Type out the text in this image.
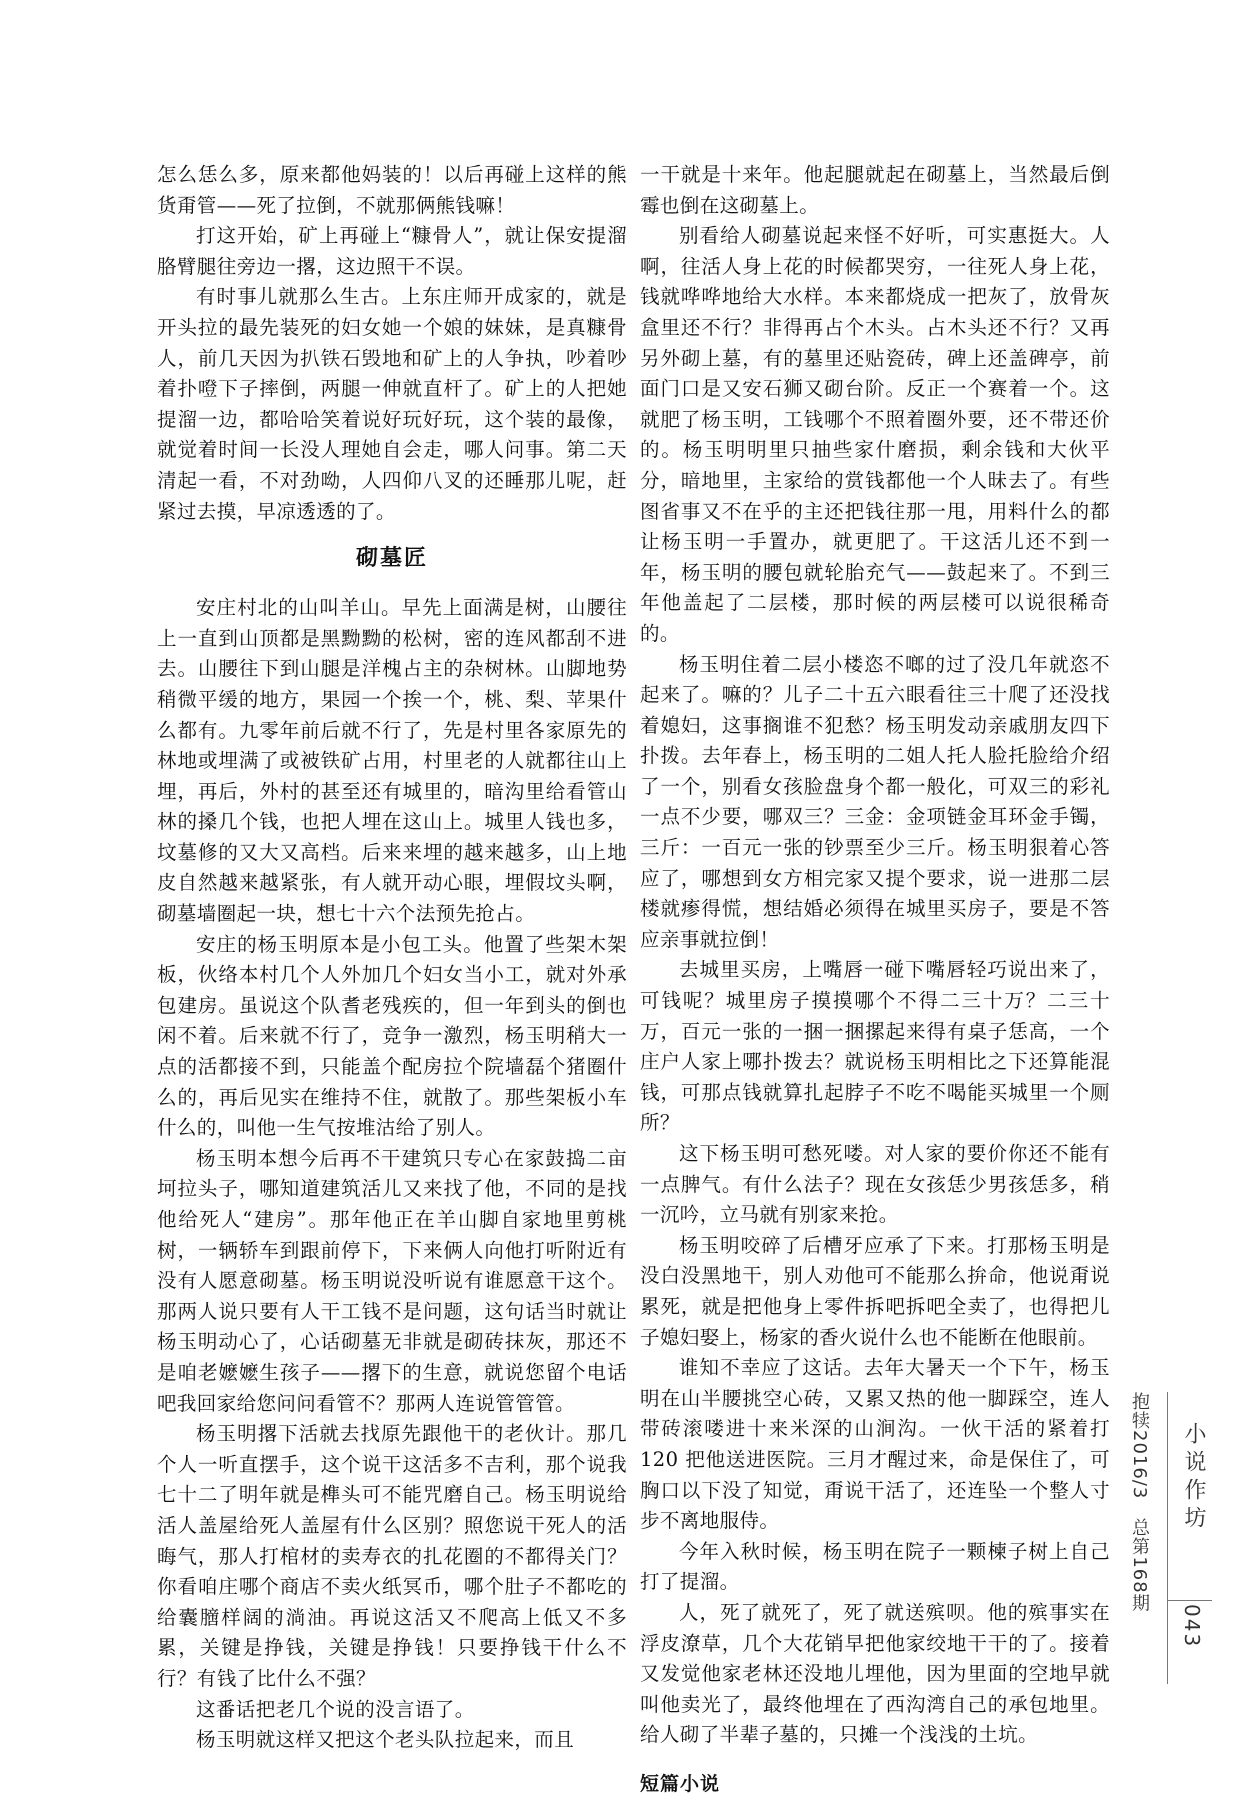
怎么恁么多，原来都他妈装的！以后再碰上这样的熊货甭管——死了拉倒，不就那俩熊钱嘛！

打这开始，矿上再碰上“糠骨人”，就让保安提溜胳臂腿往旁边一撂，这边照干不误。

有时事儿就那么生古。上东庄师开成家的，就是开头拉的最先装死的妇女她一个娘的妹妹，是真糠骨人，前几天因为扒铁石毁地和矿上的人争执，吵着吵着扑噔下子摔倒，两腿一伸就直杆了。矿上的人把她提溜一边，都哈哈笑着说好玩好玩，这个装的最像，就觉着时间一长没人理她自会走，哪人问事。第二天清起一看，不对劲呦，人四仰八叉的还睡那儿呢，赶紧过去摸，早凉透透的了。

砌墓匠

安庄村北的山叫羊山。早先上面满是树，山腰往上一直到山顶都是黑黝黝的松树，密的连风都刮不进去。山腰往下到山腿是洋槐占主的杂树林。山脚地势稍微平缓的地方，果园一个挨一个，桃、梨、苹果什么都有。九零年前后就不行了，先是村里各家原先的林地或埋满了或被铁矿占用，村里老的人就都往山上埋，再后，外村的甚至还有城里的，暗沟里给看管山林的搡几个钱，也把人埋在这山上。城里人钱也多，坟墓修的又大又高档。后来来埋的越来越多，山上地皮自然越来越紧张，有人就开动心眼，埋假坟头啊，砌墓墙圈起一块，想七十六个法预先抢占。

安庄的杨玉明原本是小包工头。他置了些架木架板，伙络本村几个人外加几个妇女当小工，就对外承包建房。虽说这个队耆老残疾的，但一年到头的倒也闲不着。后来就不行了，竞争一激烈，杨玉明稍大一点的活都接不到，只能盖个配房拉个院墙磊个猪圈什么的，再后见实在维持不住，就散了。那些架板小车什么的，叫他一生气按堆沽给了别人。

杨玉明本想今后再不干建筑只专心在家鼓捣二亩坷拉头子，哪知道建筑活儿又来找了他，不同的是找他给死人“建房”。那年他正在羊山脚自家地里剪桃树，一辆轿车到跟前停下，下来俩人向他打听附近有没有人愿意砌墓。杨玉明说没听说有谁愿意干这个。那两人说只要有人干工钱不是问题，这句话当时就让杨玉明动心了，心话砌墓无非就是砌砖抹灰，那还不是咱老嬷嬷生孩子——撂下的生意，就说您留个电话吧我回家给您问问看管不？那两人连说管管管。

杨玉明撂下活就去找原先跟他干的老伙计。那几个人一听直摆手，这个说干这活多不吉利，那个说我七十二了明年就是榫头可不能咒磨自己。杨玉明说给活人盖屋给死人盖屋有什么区别？照您说干死人的活晦气，那人打棺材的卖寿衣的扎花圈的不都得关门？你看咱庄哪个商店不卖火纸冥币，哪个肚子不都吃的给囊膪样阔的淌油。再说这活又不爬高上低又不多累，关键是挣钱，关键是挣钱！只要挣钱干什么不行？有钱了比什么不强？

这番话把老几个说的没言语了。

杨玉明就这样又把这个老头队拉起来，而且

一干就是十来年。他起腿就起在砌墓上，当然最后倒霉也倒在这砌墓上。

别看给人砌墓说起来怪不好听，可实惠挺大。人啊，往活人身上花的时候都哭穷，一往死人身上花，钱就哗哗地给大水样。本来都烧成一把灰了，放骨灰盒里还不行？非得再占个木头。占木头还不行？又再另外砌上墓，有的墓里还贴瓷砖，碑上还盖碑亭，前面门口是又安石狮又砌台阶。反正一个赛着一个。这就肥了杨玉明，工钱哪个不照着圈外要，还不带还价的。杨玉明明里只抽些家什磨损，剩余钱和大伙平分，暗地里，主家给的赏钱都他一个人昧去了。有些图省事又不在乎的主还把钱往那一甩，用料什么的都让杨玉明一手置办，就更肥了。干这活儿还不到一年，杨玉明的腰包就轮胎充气——鼓起来了。不到三年他盖起了二层楼，那时候的两层楼可以说很稀奇的。

杨玉明住着二层小楼恣不啷的过了没几年就恣不起来了。嘛的？儿子二十五六眼看往三十爬了还没找着媳妇，这事搁谁不犯愁？杨玉明发动亲戚朋友四下扑拨。去年春上，杨玉明的二姐人托人脸托脸给介绍了一个，别看女孩脸盘身个都一般化，可双三的彩礼一点不少要，哪双三？三金：金项链金耳环金手镯，三斤：一百元一张的钞票至少三斤。杨玉明狠着心答应了，哪想到女方相完家又提个要求，说一进那二层楼就瘆得慌，想结婚必须得在城里买房子，要是不答应亲事就拉倒！

去城里买房，上嘴唇一碰下嘴唇轻巧说出来了，可钱呢？城里房子摸摸哪个不得二三十万？二三十万，百元一张的一捆一捆摞起来得有桌子恁高，一个庄户人家上哪扑拨去？就说杨玉明相比之下还算能混钱，可那点钱就算扎起脖子不吃不喝能买城里一个厕所？

这下杨玉明可愁死喽。对人家的要价你还不能有一点脾气。有什么法子？现在女孩恁少男孩恁多，稍一沉吟，立马就有别家来抢。

杨玉明咬碎了后槽牙应承了下来。打那杨玉明是没白没黑地干，别人劝他可不能那么拚命，他说甭说累死，就是把他身上零件拆吧拆吧全卖了，也得把儿子媳妇娶上，杨家的香火说什么也不能断在他眼前。

谁知不幸应了这话。去年大暑天一个下午，杨玉明在山半腰挑空心砖，又累又热的他一脚踩空，连人带砖滚喽进十来米深的山涧沟。一伙干活的紧着打 120 把他送进医院。三月才醒过来，命是保住了，可胸口以下没了知觉，甭说干活了，还连坠一个整人寸步不离地服侍。

今年入秋时候，杨玉明在院子一颗楝子树上自己打了提溜。

人，死了就死了，死了就送殡呗。他的殡事实在浮皮潦草，几个大花销早把他家绞地干干的了。接着又发觉他家老林还没地儿埋他，因为里面的空地早就叫他卖光了，最终他埋在了西沟湾自己的承包地里。给人砌了半辈子墓的，只摊一个浅浅的土坑。

短篇小说
抱犊2016/3　总第168期 小说作坊
043
